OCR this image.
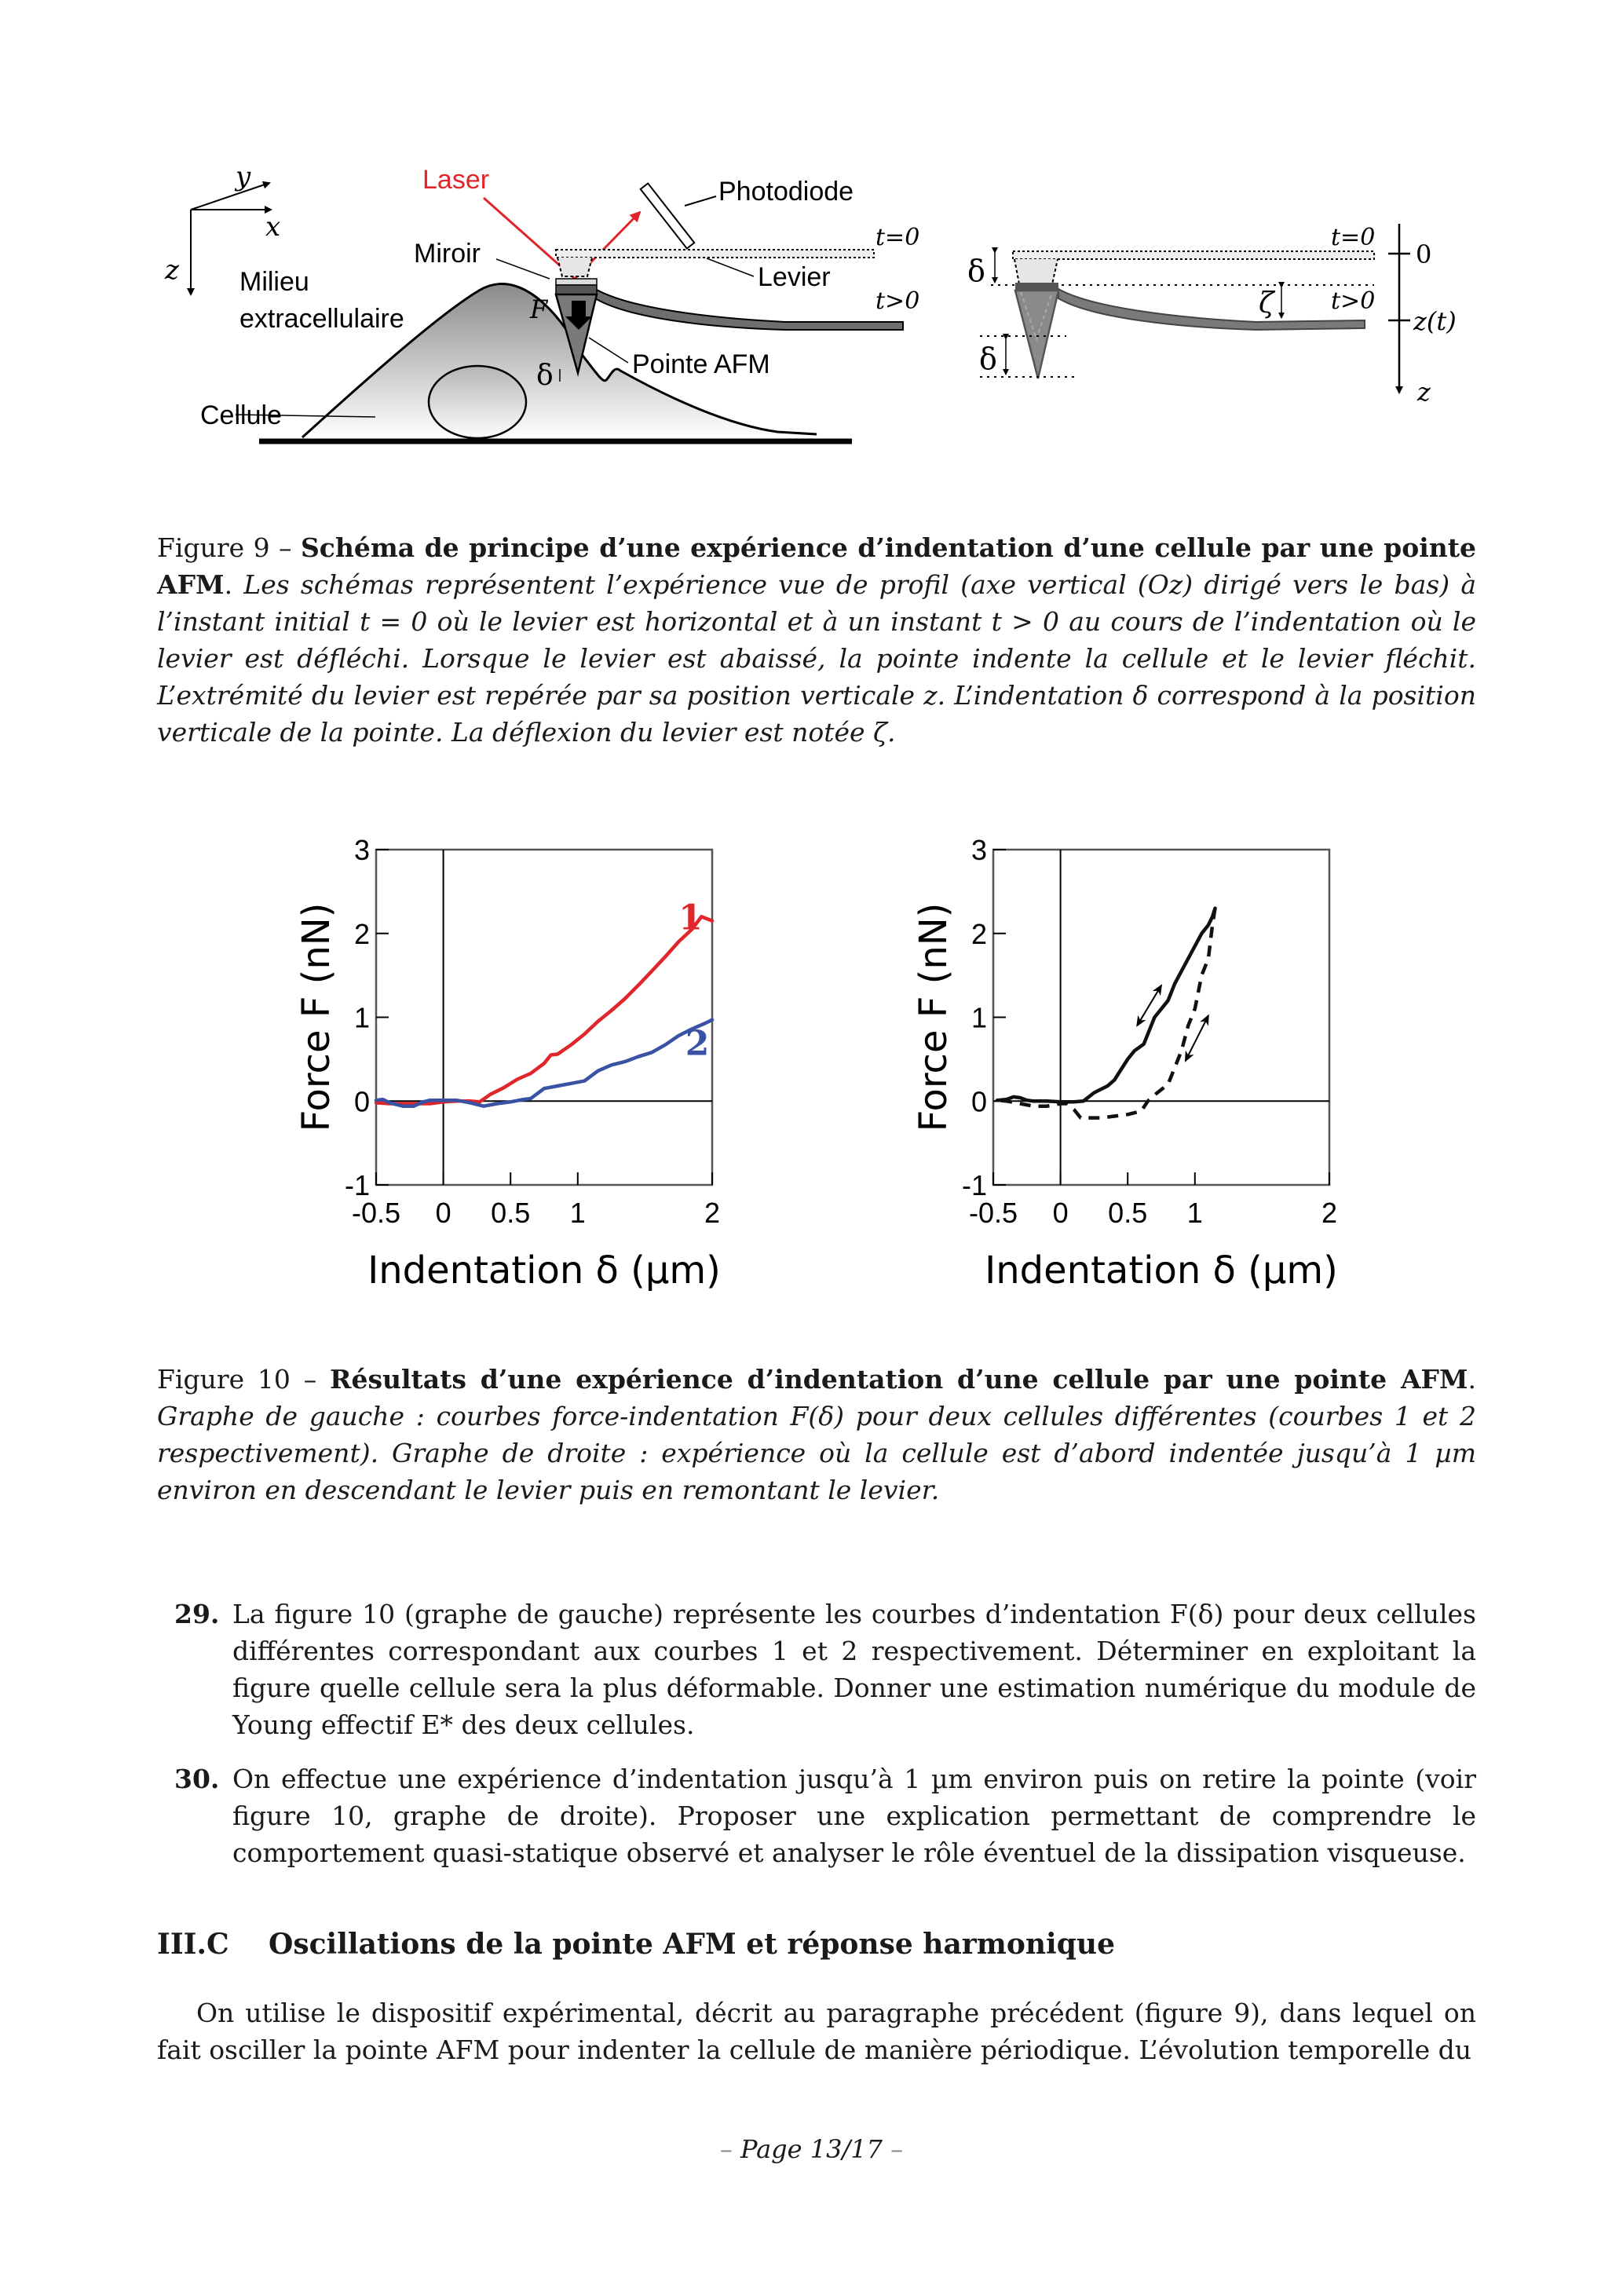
y
x
z Milieu
extracellulaire
Cellule
Laser	Photodiode
t=0
Miroir
Levier
t>0
F
δ	Pointe AFM
δ
δ
ζ
t=0
t>0
0
z(t)
z
Figure 9 – Schéma de principe d’une expérience d’indentation d’une cellule par une pointe AFM. Les schémas représentent l’expérience vue de profil (axe vertical (Oz) dirigé vers le bas) à l’instant initial t = 0 où le levier est horizontal et à un instant t > 0 au cours de l’indentation où le levier est défléchi. Lorsque le levier est abaissé, la pointe indente la cellule et le levier fléchit. L’extrémité du levier est repérée par sa position verticale z. L’indentation δ correspond à la position verticale de la pointe. La déflexion du levier est notée ζ.
-1
0
1
2
3
-0.5 0 0.5 1	2
Indentation δ (µm)
Force F (nN)	1
2
-1
0
1
2
3
-0.5 0 0.5 1	2
Indentation δ (µm)
Force F (nN)
Figure 10 – Résultats d’une expérience d’indentation d’une cellule par une pointe AFM. Graphe de gauche : courbes force-indentation F(δ) pour deux cellules différentes (courbes 1 et 2 respectivement). Graphe de droite : expérience où la cellule est d’abord indentée jusqu’à 1 µm environ en descendant le levier puis en remontant le levier.
29. La figure 10 (graphe de gauche) représente les courbes d’indentation F(δ) pour deux cellules différentes correspondant aux courbes 1 et 2 respectivement. Déterminer en exploitant la figure quelle cellule sera la plus déformable. Donner une estimation numérique du module de Young effectif E* des deux cellules.
30. On effectue une expérience d’indentation jusqu’à 1 µm environ puis on retire la pointe (voir figure 10, graphe de droite). Proposer une explication permettant de comprendre le comportement quasi-statique observé et analyser le rôle éventuel de la dissipation visqueuse.
III.C Oscillations de la pointe AFM et réponse harmonique
On utilise le dispositif expérimental, décrit au paragraphe précédent (figure 9), dans lequel on fait osciller la pointe AFM pour indenter la cellule de manière périodique. L’évolution temporelle du
– Page 13/17 –
